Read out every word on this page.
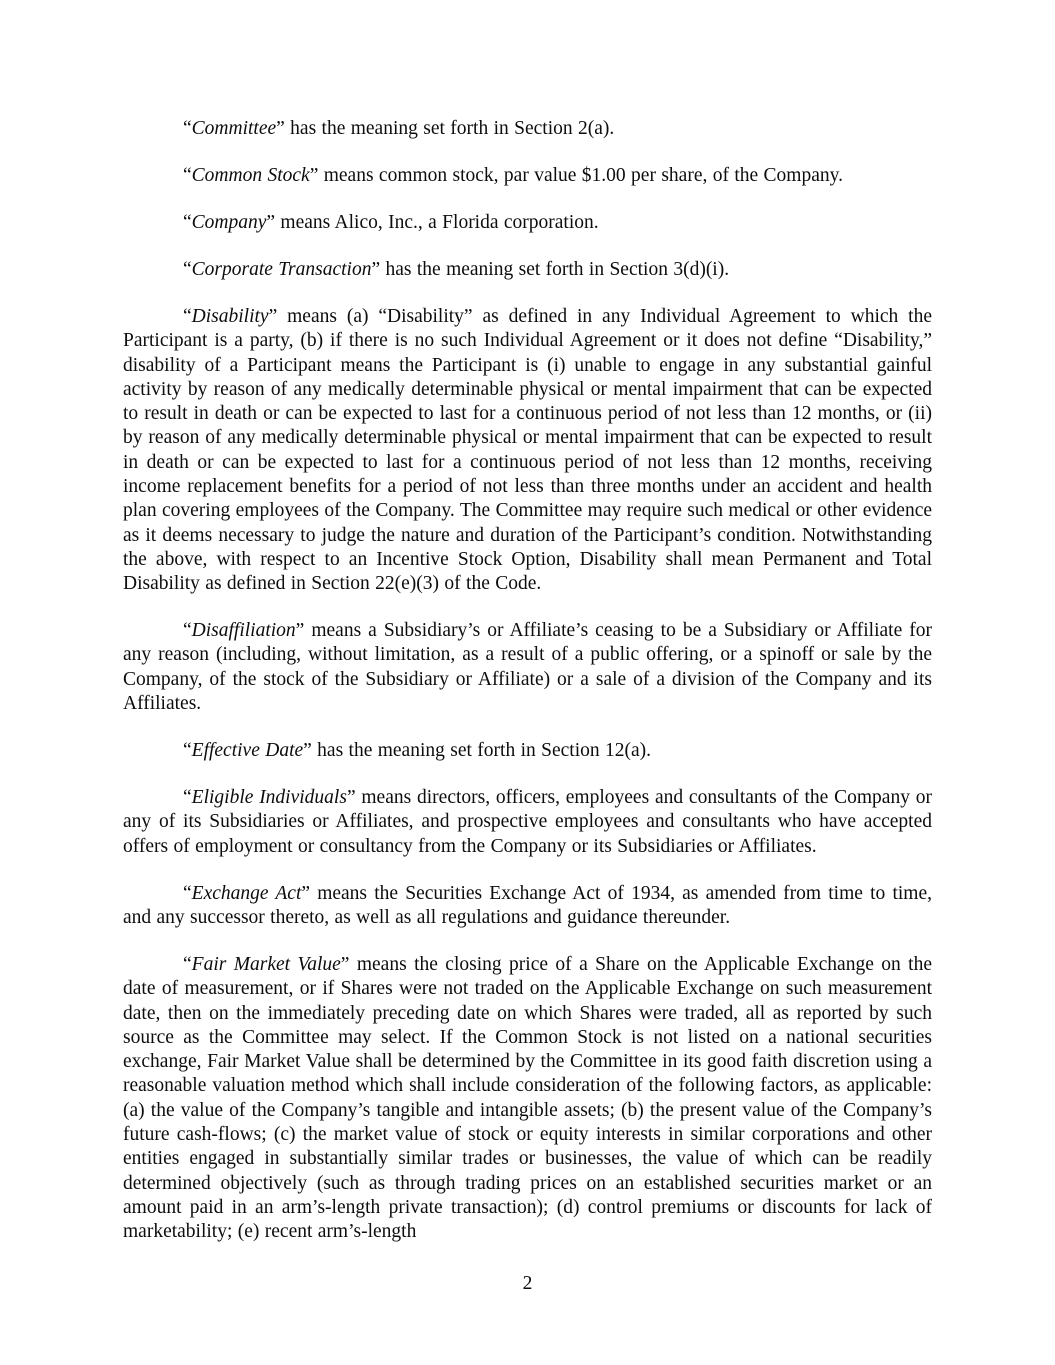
“Committee” has the meaning set forth in Section 2(a).

“Common Stock” means common stock, par value $1.00 per share, of the Company.

“Company” means Alico, Inc., a Florida corporation.

“Corporate Transaction” has the meaning set forth in Section 3(d)(i).

“Disability” means (a) “Disability” as defined in any Individual Agreement to which the Participant is a party, (b) if there is no such Individual Agreement or it does not define “Disability,” disability of a Participant means the Participant is (i) unable to engage in any substantial gainful activity by reason of any medically determinable physical or mental impairment that can be expected to result in death or can be expected to last for a continuous period of not less than 12 months, or (ii) by reason of any medically determinable physical or mental impairment that can be expected to result in death or can be expected to last for a continuous period of not less than 12 months, receiving income replacement benefits for a period of not less than three months under an accident and health plan covering employees of the Company. The Committee may require such medical or other evidence as it deems necessary to judge the nature and duration of the Participant’s condition. Notwithstanding the above, with respect to an Incentive Stock Option, Disability shall mean Permanent and Total Disability as defined in Section 22(e)(3) of the Code.

“Disaffiliation” means a Subsidiary’s or Affiliate’s ceasing to be a Subsidiary or Affiliate for any reason (including, without limitation, as a result of a public offering, or a spinoff or sale by the Company, of the stock of the Subsidiary or Affiliate) or a sale of a division of the Company and its Affiliates.

“Effective Date” has the meaning set forth in Section 12(a).

“Eligible Individuals” means directors, officers, employees and consultants of the Company or any of its Subsidiaries or Affiliates, and prospective employees and consultants who have accepted offers of employment or consultancy from the Company or its Subsidiaries or Affiliates.

“Exchange Act” means the Securities Exchange Act of 1934, as amended from time to time, and any successor thereto, as well as all regulations and guidance thereunder.

“Fair Market Value” means the closing price of a Share on the Applicable Exchange on the date of measurement, or if Shares were not traded on the Applicable Exchange on such measurement date, then on the immediately preceding date on which Shares were traded, all as reported by such source as the Committee may select. If the Common Stock is not listed on a national securities exchange, Fair Market Value shall be determined by the Committee in its good faith discretion using a reasonable valuation method which shall include consideration of the following factors, as applicable: (a) the value of the Company’s tangible and intangible assets; (b) the present value of the Company’s future cash-flows; (c) the market value of stock or equity interests in similar corporations and other entities engaged in substantially similar trades or businesses, the value of which can be readily determined objectively (such as through trading prices on an established securities market or an amount paid in an arm’s-length private transaction); (d) control premiums or discounts for lack of marketability; (e) recent arm’s-length

2
